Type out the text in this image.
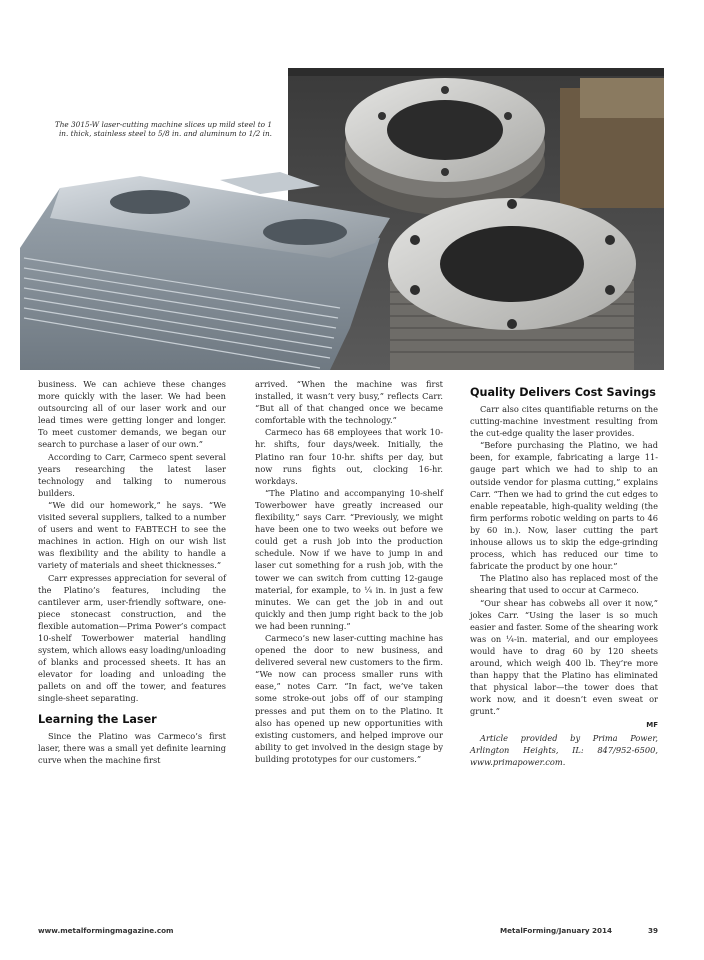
The 3015-W laser-cutting machine slices up mild steel to 1 in. thick, stainless steel to 5/8 in. and aluminum to 1/2 in.

business. We can achieve these changes more quickly with the laser. We had been outsourcing all of our laser work and our lead times were getting longer and longer. To meet customer demands, we began our search to purchase a laser of our own.”

According to Carr, Carmeco spent several years researching the latest laser technology and talking to numerous builders.

“We did our homework,” he says. “We visited several suppliers, talked to a number of users and went to FABTECH to see the machines in action. High on our wish list was flexibility and the ability to handle a variety of materials and sheet thicknesses.”

Carr expresses appreciation for several of the Platino’s features, including the cantilever arm, user-friendly software, one-piece stonecast construction, and the flexible automation—Prima Power’s compact 10-shelf Towerbower material handling system, which allows easy loading/unloading of blanks and processed sheets. It has an elevator for loading and unloading the pallets on and off the tower, and features single-sheet separating.

Learning the Laser

Since the Platino was Carmeco’s first laser, there was a small yet definite learning curve when the machine first

arrived. “When the machine was first installed, it wasn’t very busy,” reflects Carr. “But all of that changed once we became comfortable with the technology.”

Carmeco has 68 employees that work 10-hr. shifts, four days/week. Initially, the Platino ran four 10-hr. shifts per day, but now runs fights out, clocking 16-hr. workdays.

“The Platino and accompanying 10-shelf Towerbower have greatly increased our flexibility,” says Carr. “Previously, we might have been one to two weeks out before we could get a rush job into the production schedule. Now if we have to jump in and laser cut something for a rush job, with the tower we can switch from cutting 12-gauge material, for example, to ¼ in. in just a few minutes. We can get the job in and out quickly and then jump right back to the job we had been running.”

Carmeco’s new laser-cutting machine has opened the door to new business, and delivered several new customers to the firm. “We now can process smaller runs with ease,” notes Carr. “In fact, we’ve taken some stroke-out jobs off of our stamping presses and put them on to the Platino. It also has opened up new opportunities with existing customers, and helped improve our ability to get involved in the design stage by building prototypes for our customers.”

Quality Delivers Cost Savings

Carr also cites quantifiable returns on the cutting-machine investment resulting from the cut-edge quality the laser provides.

“Before purchasing the Platino, we had been, for example, fabricating a large 11-gauge part which we had to ship to an outside vendor for plasma cutting,” explains Carr. “Then we had to grind the cut edges to enable repeatable, high-quality welding (the firm performs robotic welding on parts to 46 by 60 in.). Now, laser cutting the part inhouse allows us to skip the edge-grinding process, which has reduced our time to fabricate the product by one hour.”

The Platino also has replaced most of the shearing that used to occur at Carmeco.

“Our shear has cobwebs all over it now,” jokes Carr. “Using the laser is so much easier and faster. Some of the shearing work was on ¼-in. material, and our employees would have to drag 60 by 120 sheets around, which weigh 400 lb. They’re more than happy that the Platino has eliminated that physical labor—the tower does that work now, and it doesn’t even sweat or grunt.”

MF

Article provided by Prima Power, Arlington Heights, IL: 847/952-6500, www.primapower.com.

www.metalformingmagazine.com	MetalForming/January 2014	39
